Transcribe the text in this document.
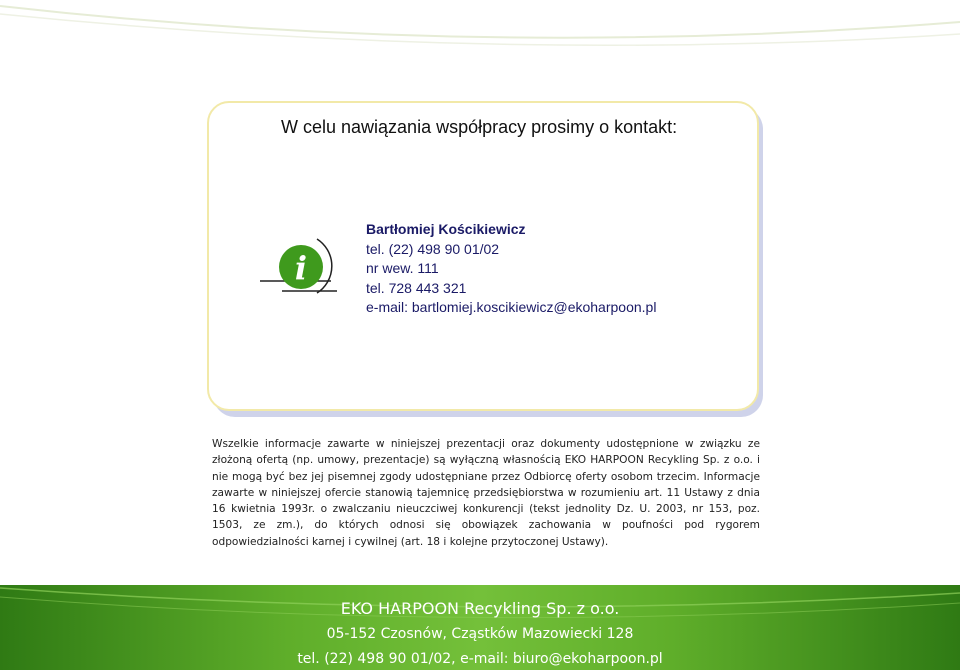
W celu nawiązania współpracy prosimy o kontakt:
i
Bartłomiej Kościkiewicz
tel. (22) 498 90 01/02
nr wew. 111
tel. 728 443 321
e-mail: bartlomiej.koscikiewicz@ekoharpoon.pl
Wszelkie informacje zawarte w niniejszej prezentacji oraz dokumenty udostępnione w związku ze złożoną ofertą (np. umowy, prezentacje) są wyłączną własnością EKO HARPOON Recykling Sp. z o.o. i nie mogą być bez jej pisemnej zgody udostępniane przez Odbiorcę oferty osobom trzecim. Informacje zawarte w niniejszej ofercie stanowią tajemnicę przedsiębiorstwa w rozumieniu art. 11 Ustawy z dnia 16 kwietnia 1993r. o zwalczaniu nieuczciwej konkurencji (tekst jednolity Dz. U. 2003, nr 153, poz. 1503, ze zm.), do których odnosi się obowiązek zachowania w poufności pod rygorem odpowiedzialności karnej i cywilnej (art. 18 i kolejne przytoczonej Ustawy).
EKO HARPOON Recykling Sp. z o.o.
05-152 Czosnów, Cząstków Mazowiecki 128
tel. (22) 498 90 01/02, e-mail: biuro@ekoharpoon.pl
